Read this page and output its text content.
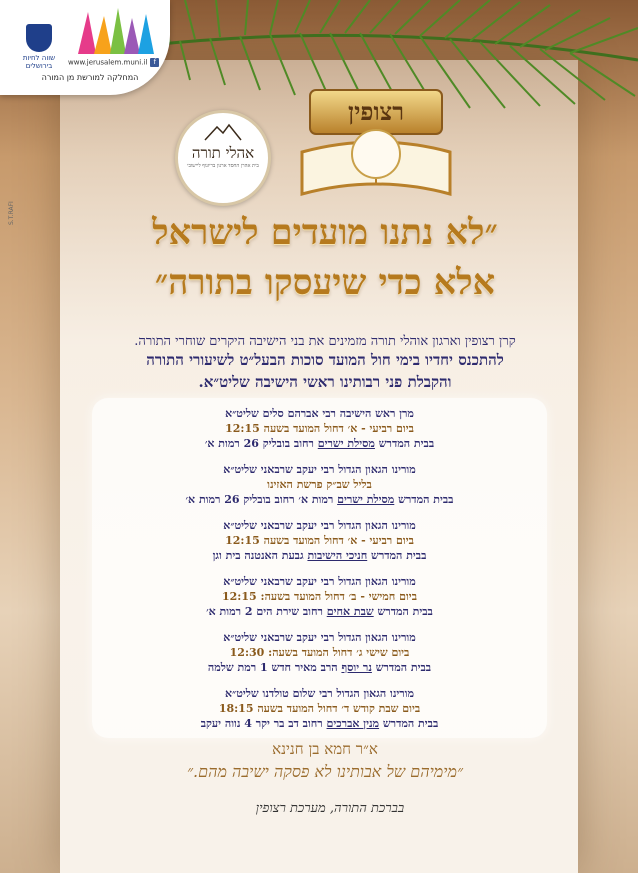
שווה לחיות בירושלים	www.jerusalem.muni.il f
המחלקה למורשת מן המורה
S.T.RAFI
אהלי תורה
בית אהרן החסד ארגון בריזנוף ליישובי
רצופין
״לא נתנו מועדים לישראל
אלא כדי שיעסקו בתורה״
קרן רצופין וארגון אוהלי תורה מזמינים את בני הישיבה היקרים שוחרי התורה.
להתכנס יחדיו בימי חול המועד סוכות הבעל״ט לשיעורי התורה
והקבלת פני רבותינו ראשי הישיבה שליט״א.
מרן ראש הישיבה רבי אברהם סלים שליט״א
ביום רביעי - א׳ דחול המועד בשעה 12:15
בבית המדרש מסילת ישרים רחוב בובליק 26 רמות א׳
מורינו הגאון הגדול רבי יעקב שרבאני שליט״א
בליל שב״ק פרשת האזינו
בבית המדרש מסילת ישרים רמות א׳ רחוב בובליק 26 רמות א׳
מורינו הגאון הגדול רבי יעקב שרבאני שליט״א
ביום רביעי - א׳ דחול המועד בשעה 12:15
בבית המדרש חניכי הישיבות גבעת האנטנה בית וגן
מורינו הגאון הגדול רבי יעקב שרבאני שליט״א
ביום חמישי - ב׳ דחול המועד בשעה: 12:15
בבית המדרש שבת אחים רחוב שירת הים 2 רמות א׳
מורינו הגאון הגדול רבי יעקב שרבאני שליט״א
ביום שישי ג׳ דחול המועד בשעה: 12:30
בבית המדרש נר יוסף הרב מאיר חדש 1 רמת שלמה
מורינו הגאון הגדול רבי שלום טולדנו שליט״א
ביום שבת קודש ד׳ דחול המועד בשעה 18:15
בבית המדרש מנין אברכים רחוב דב בר יקר 4 נווה יעקב
א״ר חמא בן חנינא
״מימיהם של אבותינו לא פסקה ישיבה מהם.״
בברכת התורה, מערכת רצופין
